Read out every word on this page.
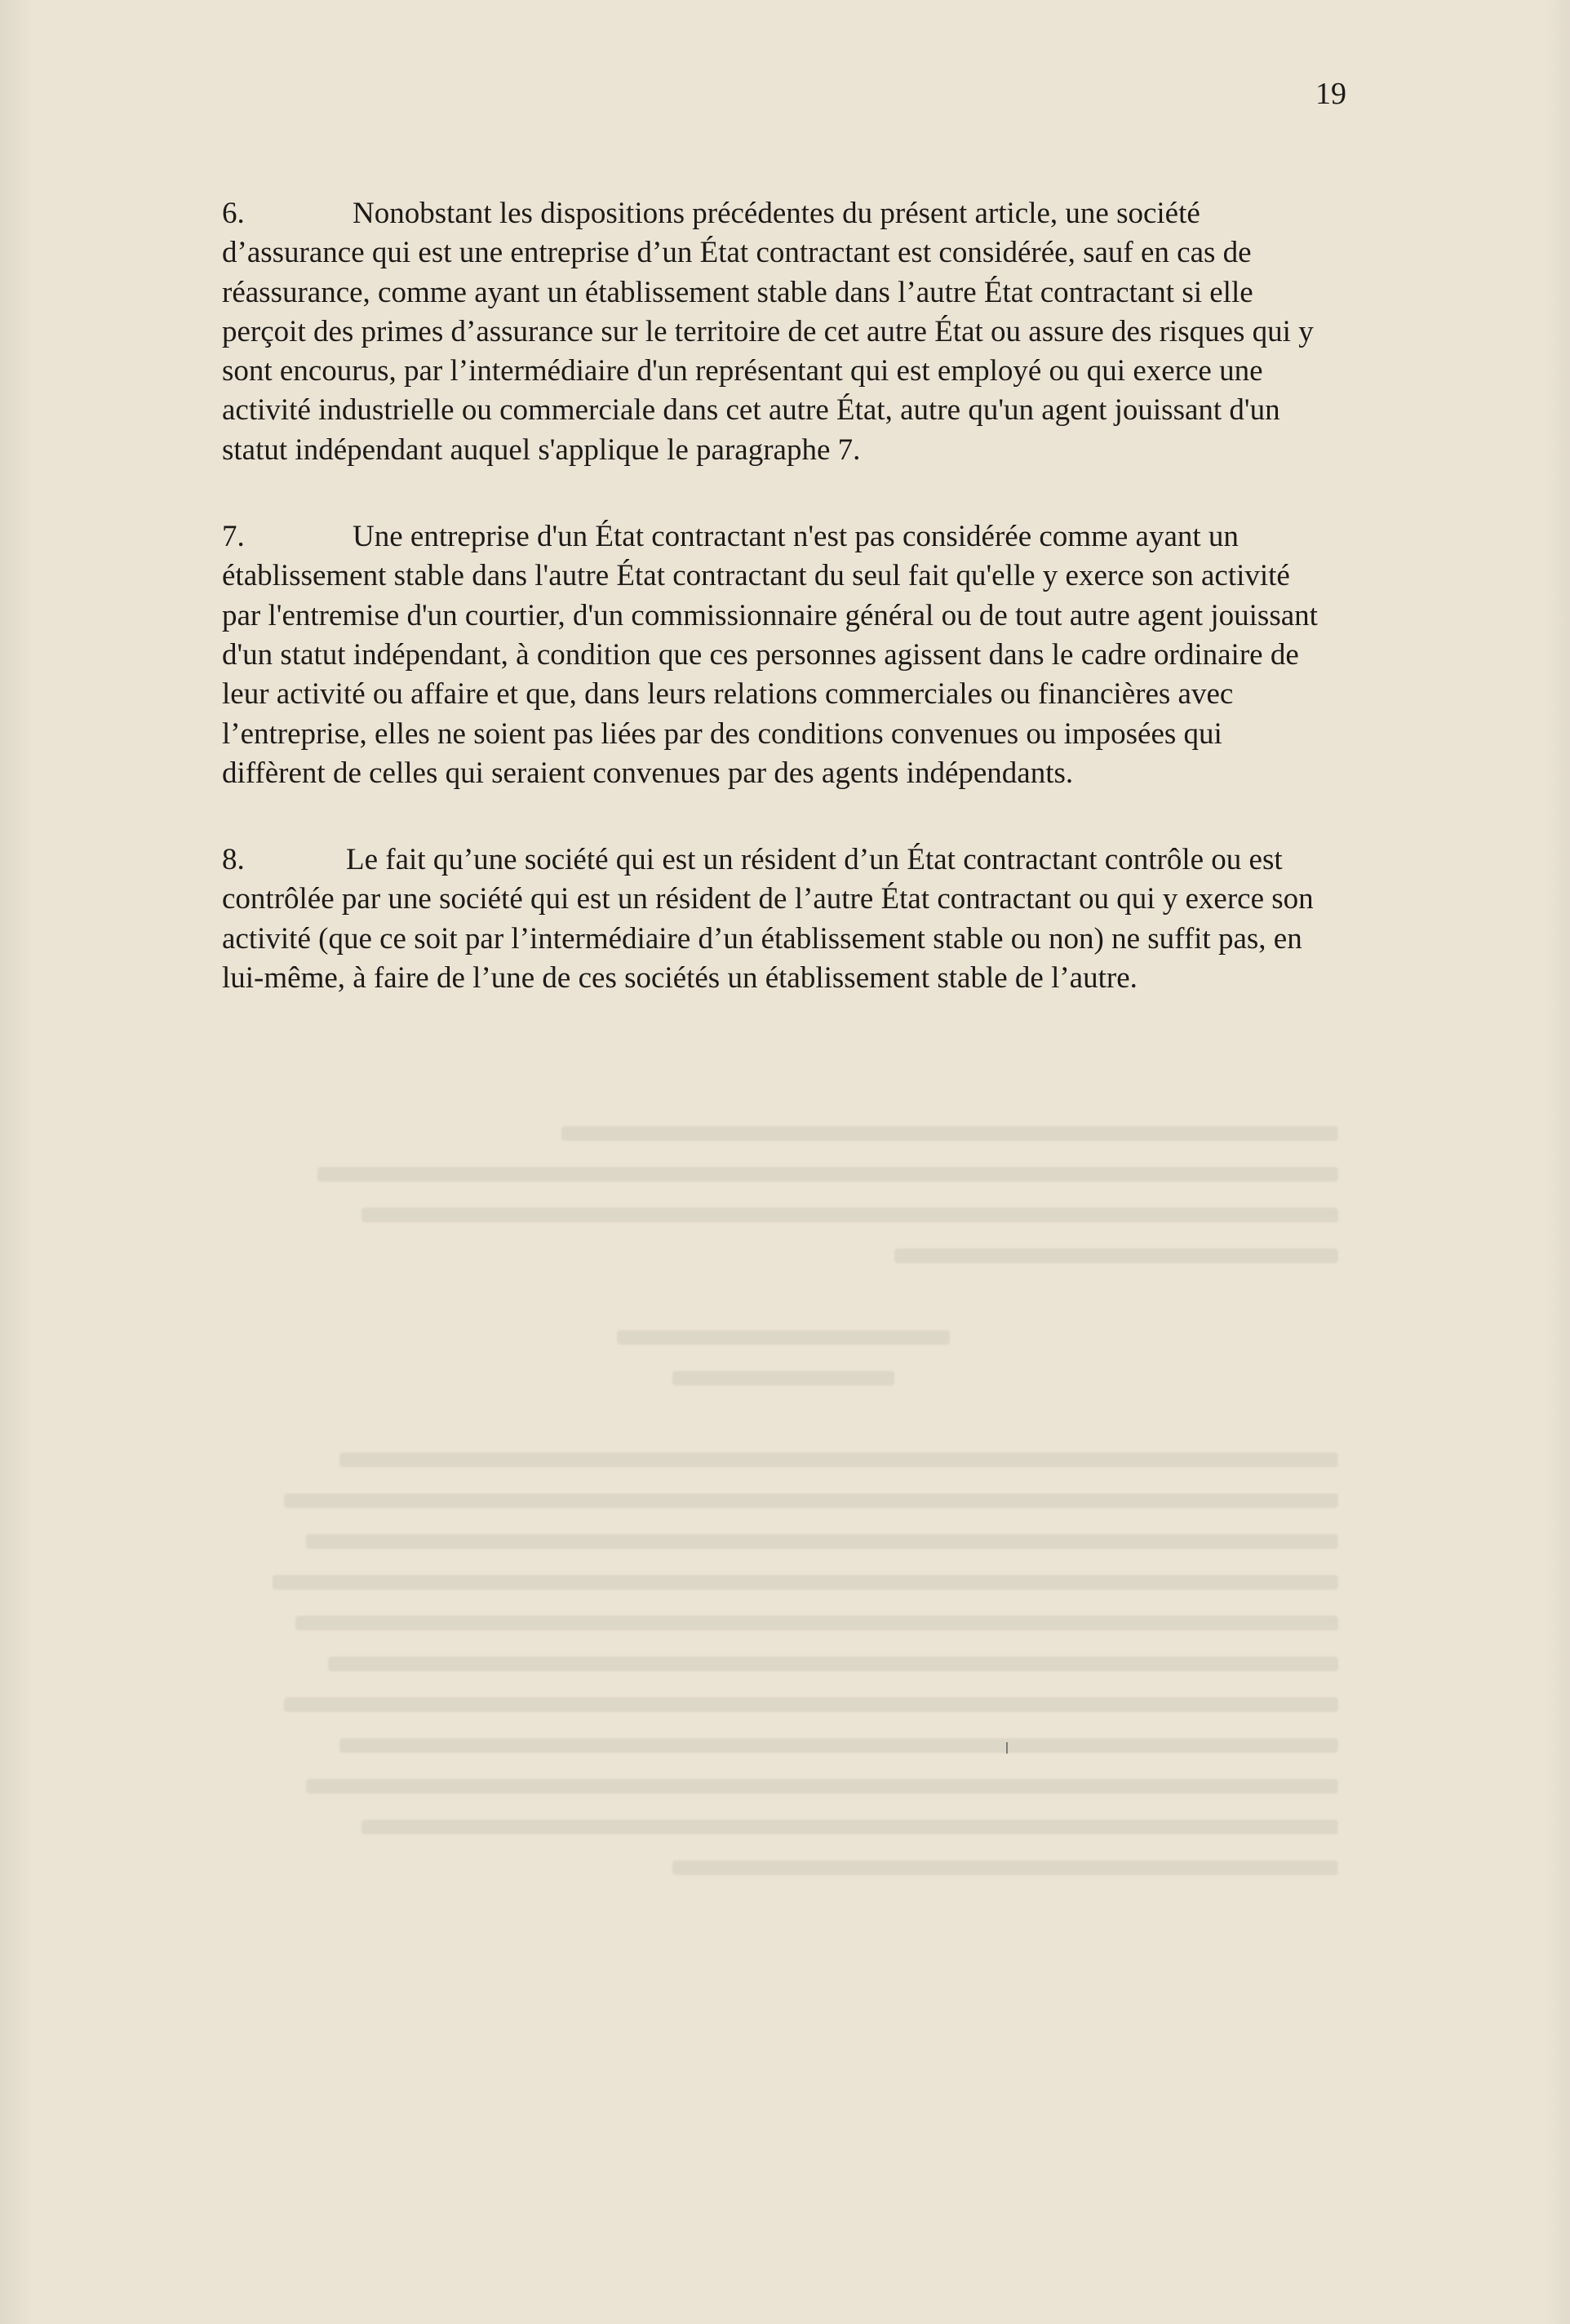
19

6.	Nonobstant les dispositions précédentes du présent article, une société d’assurance qui est une entreprise d’un État contractant est considérée, sauf en cas de réassurance, comme ayant un établissement stable dans l’autre État contractant si elle perçoit des primes d’assurance sur le territoire de cet autre État ou assure des risques qui y sont encourus, par l’intermédiaire d'un représentant qui est employé ou qui exerce une activité industrielle ou commerciale dans cet autre État, autre qu'un agent jouissant d'un statut indépendant auquel s'applique le paragraphe 7.

7.	Une entreprise d'un État contractant n'est pas considérée comme ayant un établissement stable dans l'autre État contractant du seul fait qu'elle y exerce son activité par l'entremise d'un courtier, d'un commissionnaire général ou de tout autre agent jouissant d'un statut indépendant, à condition que ces personnes agissent dans le cadre ordinaire de leur activité ou affaire et que, dans leurs relations commerciales ou financières avec l’entreprise, elles ne soient pas liées par des conditions convenues ou imposées qui diffèrent de celles qui seraient convenues par des agents indépendants.

8.	Le fait qu’une société qui est un résident d’un État contractant contrôle ou est contrôlée par une société qui est un résident de l’autre État contractant ou qui y exerce son activité (que ce soit par l’intermédiaire d’un établissement stable ou non) ne suffit pas, en lui-même, à faire de l’une de ces sociétés un établissement stable de l’autre.
